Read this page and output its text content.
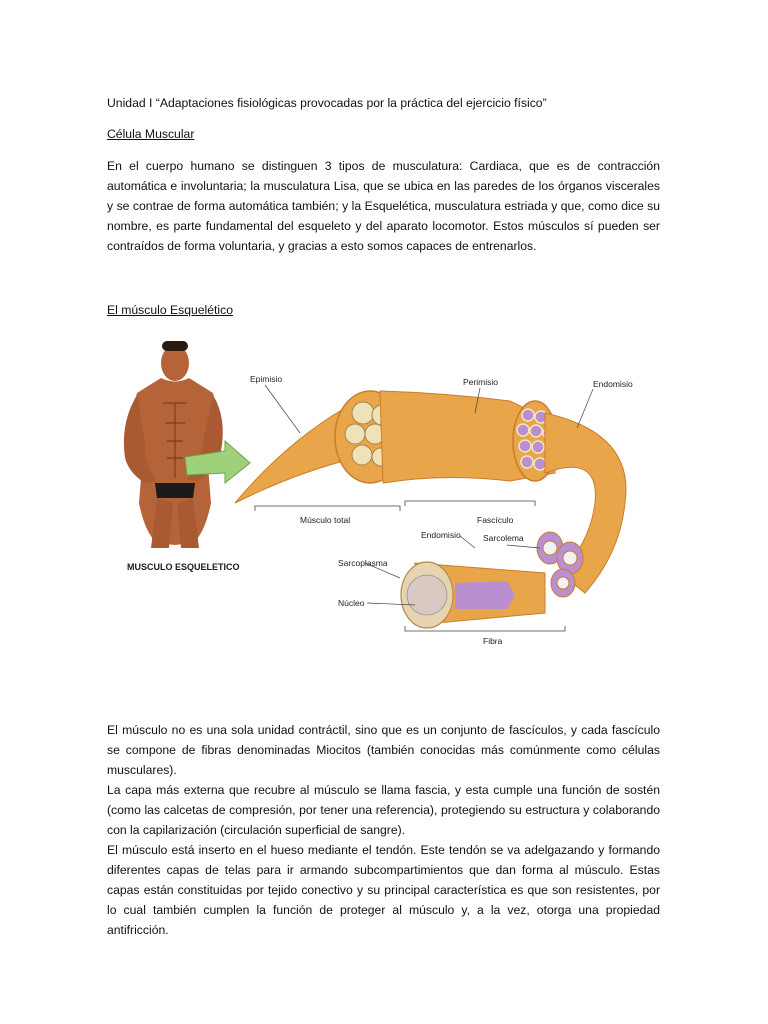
Unidad I “Adaptaciones fisiológicas provocadas por la práctica del ejercicio físico”

Célula Muscular

En el cuerpo humano se distinguen 3 tipos de musculatura: Cardiaca, que es de contracción automática e involuntaria; la musculatura Lisa, que se ubica en las paredes de los órganos viscerales y se contrae de forma automática también; y la Esquelética, musculatura estriada y que, como dice su nombre, es parte fundamental del esqueleto y del aparato locomotor. Estos músculos sí pueden ser contraídos de forma voluntaria, y gracias a esto somos capaces de entrenarlos.

El músculo Esquelético

MUSCULO ESQUELETICO
Epimisio	Perimisio	Endomisio
Músculo total	Fascículo
Endomisio	Sarcolema
Sarcoplasma
Núcleo
Fibra
El músculo no es una sola unidad contráctil, sino que es un conjunto de fascículos, y cada fascículo se compone de fibras denominadas Miocitos (también conocidas más comúnmente como células musculares).
La capa más externa que recubre al músculo se llama fascia, y esta cumple una función de sostén (como las calcetas de compresión, por tener una referencia), protegiendo su estructura y colaborando con la capilarización (circulación superficial de sangre).
El músculo está inserto en el hueso mediante el tendón. Este tendón se va adelgazando y formando diferentes capas de telas para ir armando subcompartimientos que dan forma al músculo. Estas capas están constituidas por tejido conectivo y su principal característica es que son resistentes, por lo cual también cumplen la función de proteger al músculo y, a la vez, otorga una propiedad antifricción.
